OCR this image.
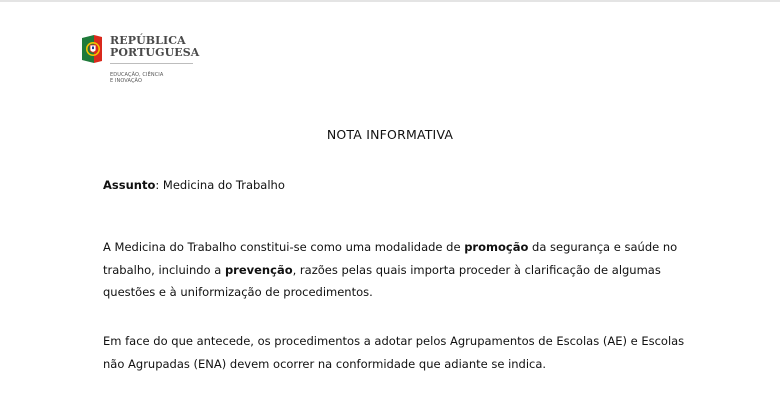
REPÚBLICA
PORTUGUESA
EDUCAÇÃO, CIÊNCIA
E INOVAÇÃO
NOTA INFORMATIVA
Assunto: Medicina do Trabalho
A Medicina do Trabalho constitui-se como uma modalidade de promoção da segurança e saúde no
trabalho, incluindo a prevenção, razões pelas quais importa proceder à clarificação de algumas
questões e à uniformização de procedimentos.
Em face do que antecede, os procedimentos a adotar pelos Agrupamentos de Escolas (AE) e Escolas
não Agrupadas (ENA) devem ocorrer na conformidade que adiante se indica.
